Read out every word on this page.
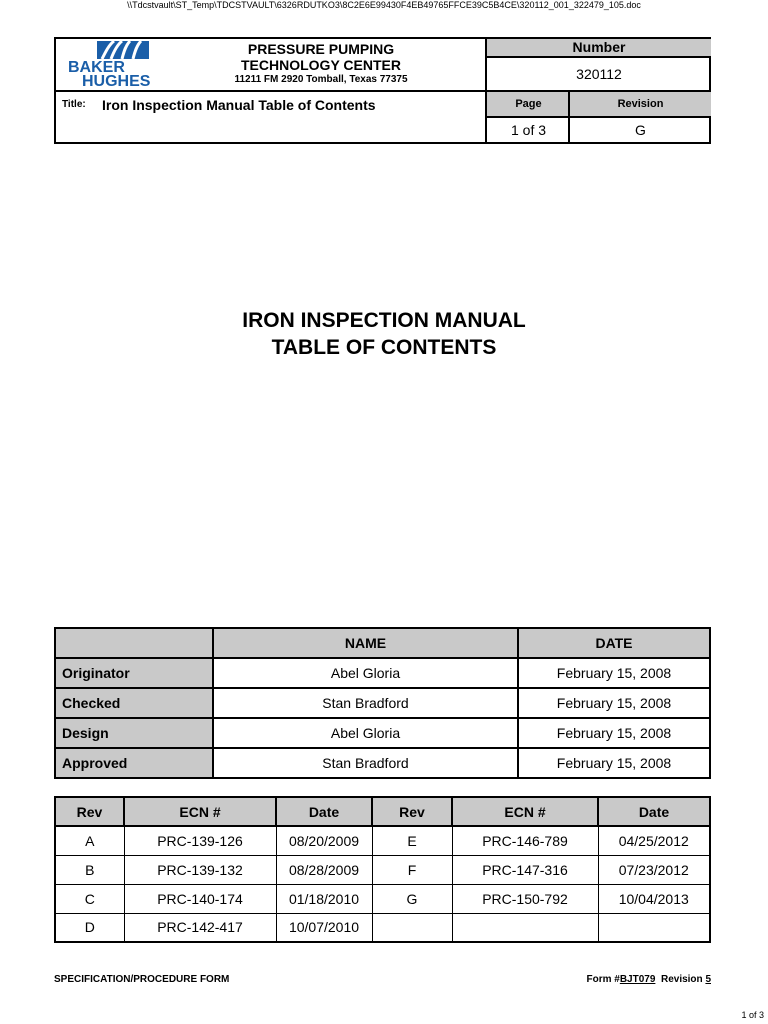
\\Tdcstvault\ST_Temp\TDCSTVAULT\6326RDUTKO3\8C2E6E99430F4EB49765FFCE39C5B4CE\320112_001_322479_105.doc
BAKER
HUGHES
PRESSURE PUMPING
TECHNOLOGY CENTER
11211 FM 2920 Tomball, Texas 77375
Number
320112
Title: Iron Inspection Manual Table of Contents	Page	Revision
1 of 3	G
IRON INSPECTION MANUAL
TABLE OF CONTENTS
	NAME	DATE
Originator	Abel Gloria	February 15, 2008
Checked	Stan Bradford	February 15, 2008
Design	Abel Gloria	February 15, 2008
Approved	Stan Bradford	February 15, 2008
Rev	ECN #	Date	Rev	ECN #	Date
A	PRC-139-126	08/20/2009	E	PRC-146-789	04/25/2012
B	PRC-139-132	08/28/2009	F	PRC-147-316	07/23/2012
C	PRC-140-174	01/18/2010	G	PRC-150-792	10/04/2013
D	PRC-142-417	10/07/2010			
SPECIFICATION/PROCEDURE FORM	Form #BJT079 Revision 5
1 of 3
